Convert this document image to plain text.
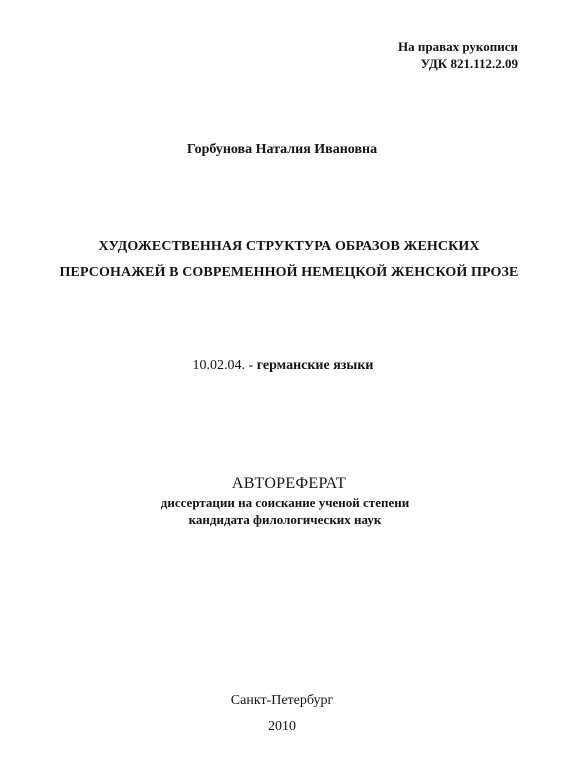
На правах рукописи
УДК 821.112.2.09
Горбунова Наталия Ивановна
ХУДОЖЕСТВЕННАЯ СТРУКТУРА ОБРАЗОВ ЖЕНСКИХ
ПЕРСОНАЖЕЙ В СОВРЕМЕННОЙ НЕМЕЦКОЙ ЖЕНСКОЙ ПРОЗЕ
10.02.04. - германские языки
АВТОРЕФЕРАТ
диссертации на соискание ученой степени
кандидата филологических наук
Санкт-Петербург
2010
